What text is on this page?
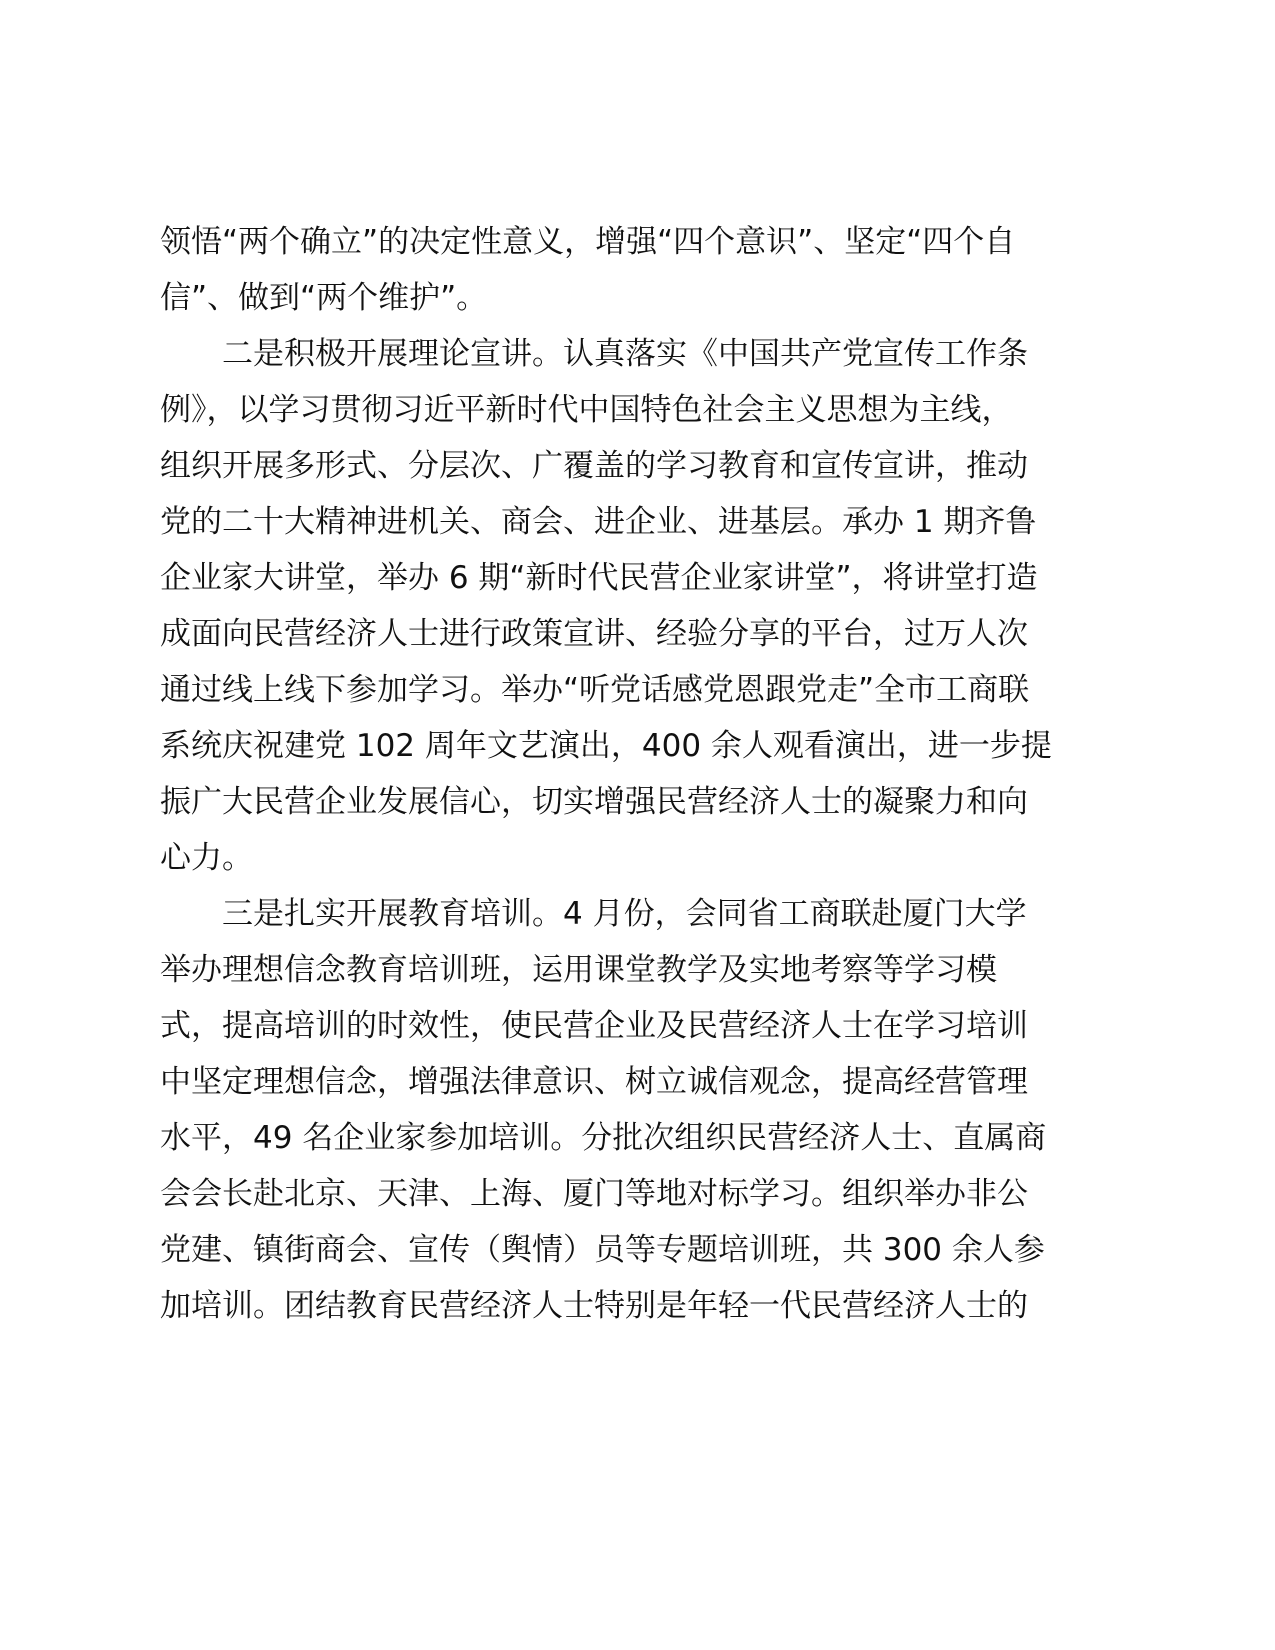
领悟“两个确立”的决定性意义，增强“四个意识”、坚定“四个自
信”、做到“两个维护”。
二是积极开展理论宣讲。认真落实《中国共产党宣传工作条
例》，以学习贯彻习近平新时代中国特色社会主义思想为主线，
组织开展多形式、分层次、广覆盖的学习教育和宣传宣讲，推动
党的二十大精神进机关、商会、进企业、进基层。承办 1 期齐鲁
企业家大讲堂，举办 6 期“新时代民营企业家讲堂”，将讲堂打造
成面向民营经济人士进行政策宣讲、经验分享的平台，过万人次
通过线上线下参加学习。举办“听党话感党恩跟党走”全市工商联
系统庆祝建党 102 周年文艺演出，400 余人观看演出，进一步提
振广大民营企业发展信心，切实增强民营经济人士的凝聚力和向
心力。
三是扎实开展教育培训。4 月份，会同省工商联赴厦门大学
举办理想信念教育培训班，运用课堂教学及实地考察等学习模
式，提高培训的时效性，使民营企业及民营经济人士在学习培训
中坚定理想信念，增强法律意识、树立诚信观念，提高经营管理
水平，49 名企业家参加培训。分批次组织民营经济人士、直属商
会会长赴北京、天津、上海、厦门等地对标学习。组织举办非公
党建、镇街商会、宣传（舆情）员等专题培训班，共 300 余人参
加培训。团结教育民营经济人士特别是年轻一代民营经济人士的
